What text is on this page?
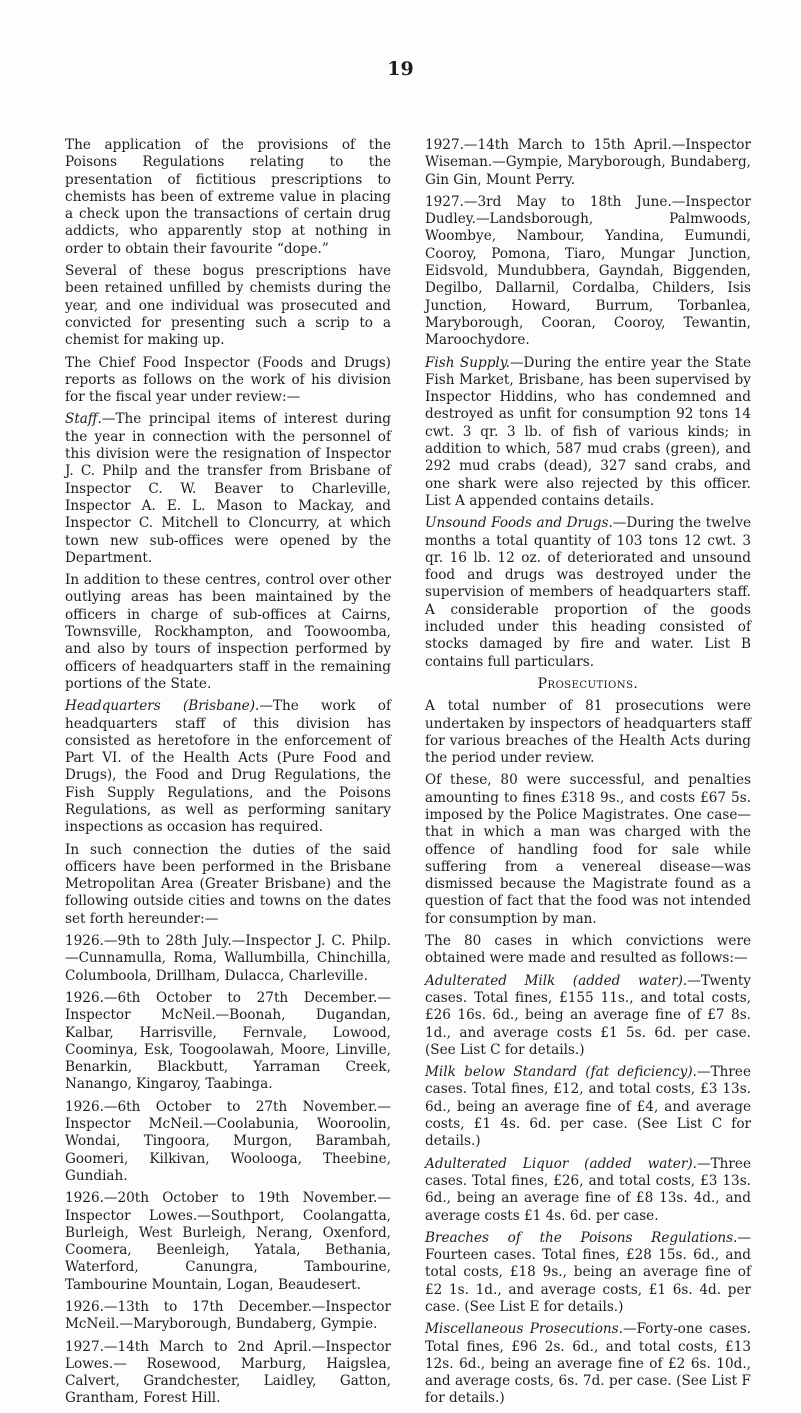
19

The application of the provisions of the Poisons Regulations relating to the presentation of fictitious prescriptions to chemists has been of extreme value in placing a check upon the transactions of certain drug addicts, who apparently stop at nothing in order to obtain their favourite “dope.”

Several of these bogus prescriptions have been retained unfilled by chemists during the year, and one individual was prosecuted and convicted for presenting such a scrip to a chemist for making up.

The Chief Food Inspector (Foods and Drugs) reports as follows on the work of his division for the fiscal year under review:—

Staff.—The principal items of interest during the year in connection with the personnel of this division were the resignation of Inspector J. C. Philp and the transfer from Brisbane of Inspector C. W. Beaver to Charleville, Inspector A. E. L. Mason to Mackay, and Inspector C. Mitchell to Cloncurry, at which town new sub-offices were opened by the Department.

In addition to these centres, control over other outlying areas has been maintained by the officers in charge of sub-offices at Cairns, Townsville, Rockhampton, and Toowoomba, and also by tours of inspection performed by officers of headquarters staff in the remaining portions of the State.

Headquarters (Brisbane).—The work of headquarters staff of this division has consisted as heretofore in the enforcement of Part VI. of the Health Acts (Pure Food and Drugs), the Food and Drug Regulations, the Fish Supply Regulations, and the Poisons Regulations, as well as performing sanitary inspections as occasion has required.

In such connection the duties of the said officers have been performed in the Brisbane Metropolitan Area (Greater Brisbane) and the following outside cities and towns on the dates set forth hereunder:—

1926.—9th to 28th July.—Inspector J. C. Philp.—Cunnamulla, Roma, Wallumbilla, Chinchilla, Columboola, Drillham, Dulacca, Charleville.

1926.—6th October to 27th December.—Inspector McNeil.—Boonah, Dugandan, Kalbar, Harrisville, Fernvale, Lowood, Coominya, Esk, Toogoolawah, Moore, Linville, Benarkin, Blackbutt, Yarraman Creek, Nanango, Kingaroy, Taabinga.

1926.—6th October to 27th November.—Inspector McNeil.—Coolabunia, Wooroolin, Wondai, Tingoora, Murgon, Barambah, Goomeri, Kilkivan, Woolooga, Theebine, Gundiah.

1926.—20th October to 19th November.—Inspector Lowes.—Southport, Coolangatta, Burleigh, West Burleigh, Nerang, Oxenford, Coomera, Beenleigh, Yatala, Bethania, Waterford, Canungra, Tambourine, Tambourine Mountain, Logan, Beaudesert.

1926.—13th to 17th December.—Inspector McNeil.—Maryborough, Bundaberg, Gympie.

1927.—14th March to 2nd April.—Inspector Lowes.— Rosewood, Marburg, Haigslea, Calvert, Grandchester, Laidley, Gatton, Grantham, Forest Hill.

1927.—14th March to 15th April.—Inspector Wiseman.—Gympie, Maryborough, Bundaberg, Gin Gin, Mount Perry.

1927.—3rd May to 18th June.—Inspector Dudley.—Landsborough, Palmwoods, Woombye, Nambour, Yandina, Eumundi, Cooroy, Pomona, Tiaro, Mungar Junction, Eidsvold, Mundubbera, Gayndah, Biggenden, Degilbo, Dallarnil, Cordalba, Childers, Isis Junction, Howard, Burrum, Torbanlea, Maryborough, Cooran, Cooroy, Tewantin, Maroochydore.

Fish Supply.—During the entire year the State Fish Market, Brisbane, has been supervised by Inspector Hiddins, who has condemned and destroyed as unfit for consumption 92 tons 14 cwt. 3 qr. 3 lb. of fish of various kinds; in addition to which, 587 mud crabs (green), and 292 mud crabs (dead), 327 sand crabs, and one shark were also rejected by this officer. List A appended contains details.

Unsound Foods and Drugs.—During the twelve months a total quantity of 103 tons 12 cwt. 3 qr. 16 lb. 12 oz. of deteriorated and unsound food and drugs was destroyed under the supervision of members of headquarters staff. A considerable proportion of the goods included under this heading consisted of stocks damaged by fire and water. List B contains full particulars.

Prosecutions.

A total number of 81 prosecutions were undertaken by inspectors of headquarters staff for various breaches of the Health Acts during the period under review.

Of these, 80 were successful, and penalties amounting to fines £318 9s., and costs £67 5s. imposed by the Police Magistrates. One case—that in which a man was charged with the offence of handling food for sale while suffering from a venereal disease—was dismissed because the Magistrate found as a question of fact that the food was not intended for consumption by man.

The 80 cases in which convictions were obtained were made and resulted as follows:—

Adulterated Milk (added water).—Twenty cases. Total fines, £155 11s., and total costs, £26 16s. 6d., being an average fine of £7 8s. 1d., and average costs £1 5s. 6d. per case. (See List C for details.)

Milk below Standard (fat deficiency).—Three cases. Total fines, £12, and total costs, £3 13s. 6d., being an average fine of £4, and average costs, £1 4s. 6d. per case. (See List C for details.)

Adulterated Liquor (added water).—Three cases. Total fines, £26, and total costs, £3 13s. 6d., being an average fine of £8 13s. 4d., and average costs £1 4s. 6d. per case.

Breaches of the Poisons Regulations.—Fourteen cases. Total fines, £28 15s. 6d., and total costs, £18 9s., being an average fine of £2 1s. 1d., and average costs, £1 6s. 4d. per case. (See List E for details.)

Miscellaneous Prosecutions.—Forty-one cases. Total fines, £96 2s. 6d., and total costs, £13 12s. 6d., being an average fine of £2 6s. 10d., and average costs, 6s. 7d. per case. (See List F for details.)
